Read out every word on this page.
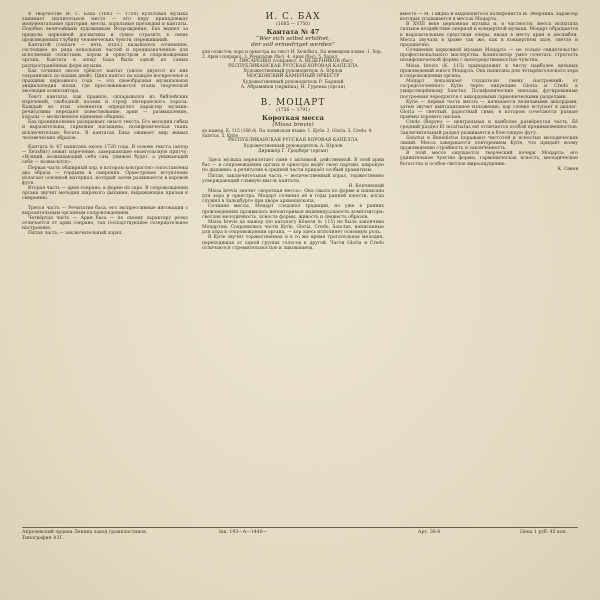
В творчестве И. С. Баха (1685 — 1750) культовая музыка занимает значительное место — его перу принадлежат монументальные оратории, мессы, хоральные прелюдии и кантаты. Подобно величайшим художникам Возрождения, Бах вышел за пределы церковной догматики и сумел отразить в своих произведениях глубину человеческих чувств, переживаний.

Кантатой (cantare — петь, итал.) называлось сочинение, состоящее из ряда вокальных частей и предназначенное для исполнения солистами, хором и оркестром в сопровождении органа. Кантата в эпоху Баха была одной из самых распространённых форм музыки.

Бах сочинил около трёхсот кантат (около двухсот из них сохранились до наших дней). Цикл кантат на каждое воскресенье и праздник церковного года — это своеобразная музыкальная энциклопедия эпохи, где прослеживаются этапы творческой эволюции композитора.

Текст кантаты, как правило, складывался из библейских изречений, свободной поэзии и строф лютеранского хорала. Каждый из этих элементов определял характер музыки: речитативы передают повествование, арии — размышление, хоралы — молитвенное единение общины.

Бах проникновенно раскрывает смысл текста. Его мелодии гибки и выразительны, гармония насыщена, полифоническая ткань исключительно богата. В кантатах Баха оживает мир живых человеческих образов.

Кантата № 47 написана около 1720 года. В основе текста (автор — Хельбиг) лежит изречение, завершающее евангельскую притчу: «Всякий, возвышающий себя сам, унижен будет, а унижающий себя — возвысится».

Первая часть обширный хор, в котором контрастно сопоставлены два образа — гордыни и смирения. Оркестровое вступление излагает основной материал, который затем развивается в хоровой фуге.

Вторая часть — ария сопрано, в форме da capo. В сопровождении органа звучит мелодия широкого дыхания, выражающая призыв к смирению.

Третья часть — Речитатив баса, его экспрессивные интонации с выразительным органным сопровождением.

Четвёртая часть — Ария баса — по своему характеру резко отличается от арии сопрано, тая господствующее созерцательное настроение.

Пятая часть — заключительный хорал.

И. С. БАХ

(1685 — 1750)

Кантата № 47

“Wer sich selbst erhöhet,

der soll erniedriget werden”

для солистов, хора и оркестра на текст И. Хельбига. На немецком языке. 1. Хор. 2. Ария (сопрано). 3. Речитатив (бас). 4. Ария (бас). 5. Хорал

Г. ПИСАРЕНКО (сопрано), А. ВЕДЕРНИКОВ (бас)

РЕСПУБЛИКАНСКАЯ РУССКАЯ ХОРОВАЯ КАПЕЛЛА

Художественный руководитель А. Юрлов

МОСКОВСКИЙ КАМЕРНЫЙ ОРКЕСТР

Художественный руководитель Р. Баршай

А. Абрамянов (скрипка), Н. Гуреева (орган)

В. МОЦАРТ

(1756 — 1791)

Короткая месса

(Missa brevis)

до мажор, К. 115 (166 d). На латинском языке. 1. Kyrie. 2. Gloria. 3. Credo. 4. Sanctus. 5. Kyrie

РЕСПУБЛИКАНСКАЯ РУССКАЯ ХОРОВАЯ КАПЕЛЛА

Художественный руководитель А. Юрлов

Дирижёр Г. Гродберг (орган)

Здесь музыка переплетает гимн с активной, действенной. В этой арии бас — в сопровождении органа и оркестра ведёт свою партию, широкую по дыханию, а речитатив в средней части придаёт особый драматизм.

Пятая, заключительная часть — величественный хорал, торжественно утверждающий главную мысль кантаты.

Н. Копчевский

Missa brevis значит «короткая месса». Она сжата по форме и написана для хора и оркестра. Моцарт сочинил её в годы ранней юности, когда служил в Зальцбурге при дворе архиепископа.

Сочиняя мессы, Моцарт следовал традиции, но уже в ранних произведениях проявилась неповторимая индивидуальность композитора: светлая мелодичность, ясность формы, живость и свежесть образов.

Missa brevis до мажор (по каталогу Кёхеля № 115) не была закончена Моцартом. Сохранились части Kyrie, Gloria, Credo, Sanctus, написанные для хора в сопровождении органа, — хор здесь исполняет основную роль.

В Kyrie звучит торжественная и в то же время трогательная мелодия, переходящая от одной группы голосов к другой. Части Gloria и Credo отличаются стремительностью и ликованием.

вместе — М. Гайдна и выдающегося полифониста И. Эберлина, характер которых угадывается в мессах Моцарта.

В XVIII веке церковная музыка и, в частности, месса испытала сильное воздействие оперной и концертной музыки. Моцарт обращается к выразительным средствам оперы, вводя в мессу арии и ансамбли. Месса звучала в храме так же, как в концертном зале, светло и празднично.

Сочинения церковной музыки Моцарта — не только свидетельство профессионального мастерства. Композитор умел сочетать строгость полифонической формы с непосредственностью чувства.

Missa brevis (К. 115) принадлежит к числу наиболее цельных произведений юного Моцарта. Она написана для четырёхголосного хора в сопровождении органа.

Моцарт показывает слушателю смену настроений: от сосредоточенного Kyrie через ликующие Gloria и Credo к умиротворённому Sanctus. Полифонические эпизоды, фугированные построения чередуются с аккордовыми гармоническими разделами.

Kyrie — первая часть мессы — начинается величавыми аккордами; затем звучит имитационное изложение, хор словно вступает в диалог. Gloria — светлый, радостный гимн, в котором сочетаются разные приёмы хорового письма.

Credo (Верую) — центральная и наиболее развёрнутая часть. Её средний раздел Et incarnatus est отличается особой проникновенностью. Заключительный раздел развивается в блестящую фугу.

Sanctus и Benedictus поражают чистотой и ясностью мелодических линий. Месса завершается повторением Kyrie, что придаёт всему произведению стройность и законченность.

В этой мессе ощущается творческий почерк Моцарта: его удивительное чувство формы, гармоническая ясность, мелодическое богатство и особое светлое мироощущение.

К. Свиев

Апрелевский ордена Ленина завод грампластинок.
Типография АЗГ.
Зак. 193—А—1440—	Арт. 36-8	Цена 1 руб. 45 коп.
